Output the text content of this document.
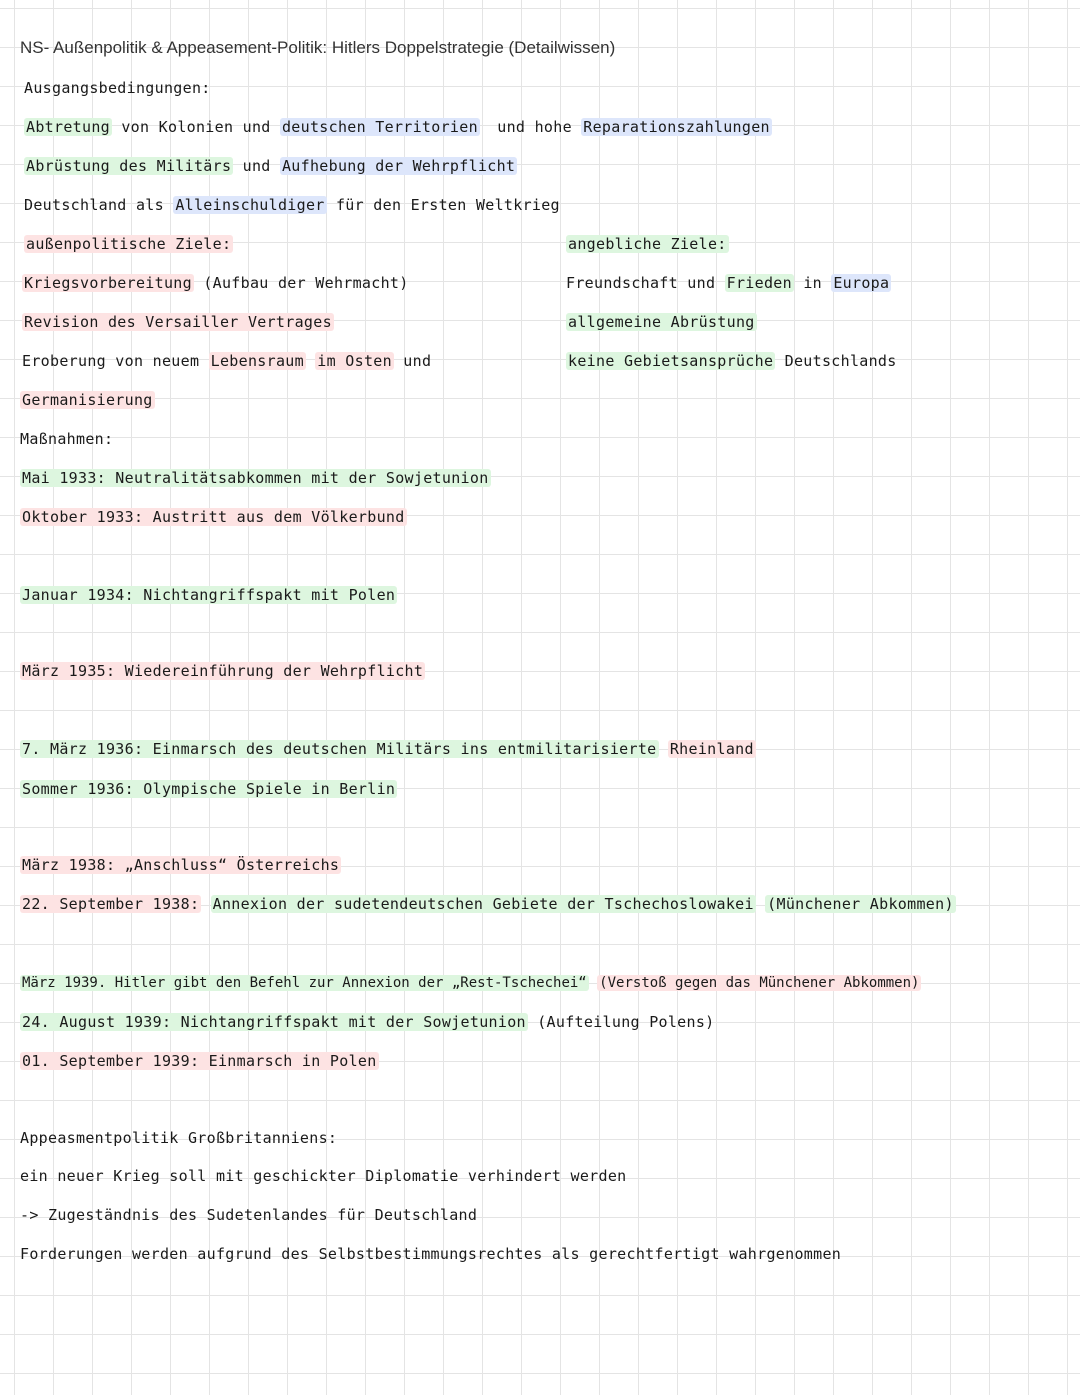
NS- Außenpolitik & Appeasement-Politik: Hitlers Doppelstrategie (Detailwissen)
Ausgangsbedingungen:
Abtretung von Kolonien und deutschen Territorien und hohe Reparationszahlungen
Abrüstung des Militärs und Aufhebung der Wehrpflicht
Deutschland als Alleinschuldiger für den Ersten Weltkrieg
außenpolitische Ziele:
Kriegsvorbereitung (Aufbau der Wehrmacht)
Revision des Versailler Vertrages
Eroberung von neuem Lebensraum im Osten und
Germanisierung
angebliche Ziele:
Freundschaft und Frieden in Europa
allgemeine Abrüstung
keine Gebietsansprüche Deutschlands
Maßnahmen:
Mai 1933: Neutralitätsabkommen mit der Sowjetunion
Oktober 1933: Austritt aus dem Völkerbund
Januar 1934: Nichtangriffspakt mit Polen
März 1935: Wiedereinführung der Wehrpflicht
7. März 1936: Einmarsch des deutschen Militärs ins entmilitarisierte Rheinland
Sommer 1936: Olympische Spiele in Berlin
März 1938: „Anschluss“ Österreichs
22. September 1938: Annexion der sudetendeutschen Gebiete der Tschechoslowakei (Münchener Abkommen)
März 1939. Hitler gibt den Befehl zur Annexion der „Rest-Tschechei“ (Verstoß gegen das Münchener Abkommen)
24. August 1939: Nichtangriffspakt mit der Sowjetunion (Aufteilung Polens)
01. September 1939: Einmarsch in Polen
Appeasmentpolitik Großbritanniens:
ein neuer Krieg soll mit geschickter Diplomatie verhindert werden
-> Zugeständnis des Sudetenlandes für Deutschland
Forderungen werden aufgrund des Selbstbestimmungsrechtes als gerechtfertigt wahrgenommen
